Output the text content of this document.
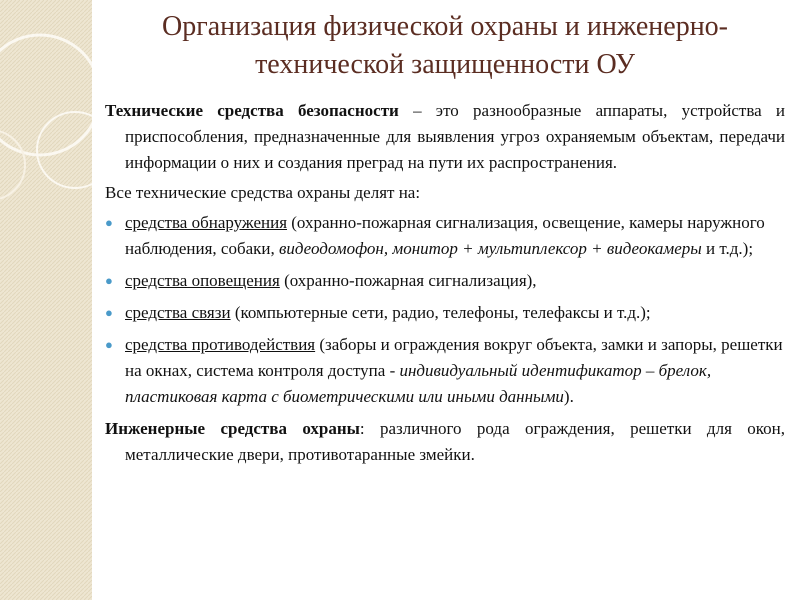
Организация физической охраны и инженерно-технической защищенности ОУ

Технические средства безопасности – это разнообразные аппараты, устройства и приспособления, предназначенные для выявления угроз охраняемым объектам, передачи информации о них и создания преград на пути их распространения.

Все технические средства охраны делят на:

● средства обнаружения (охранно-пожарная сигнализация, освещение, камеры наружного наблюдения, собаки, видеодомофон, монитор + мультиплексор + видеокамеры и т.д.);
● средства оповещения (охранно-пожарная сигнализация),
● средства связи (компьютерные сети, радио, телефоны, телефаксы и т.д.);
● средства противодействия (заборы и ограждения вокруг объекта, замки и запоры, решетки на окнах, система контроля доступа - индивидуальный идентификатор – брелок, пластиковая карта с биометрическими или иными данными).

Инженерные средства охраны: различного рода ограждения, решетки для окон, металлические двери, противотаранные змейки.
